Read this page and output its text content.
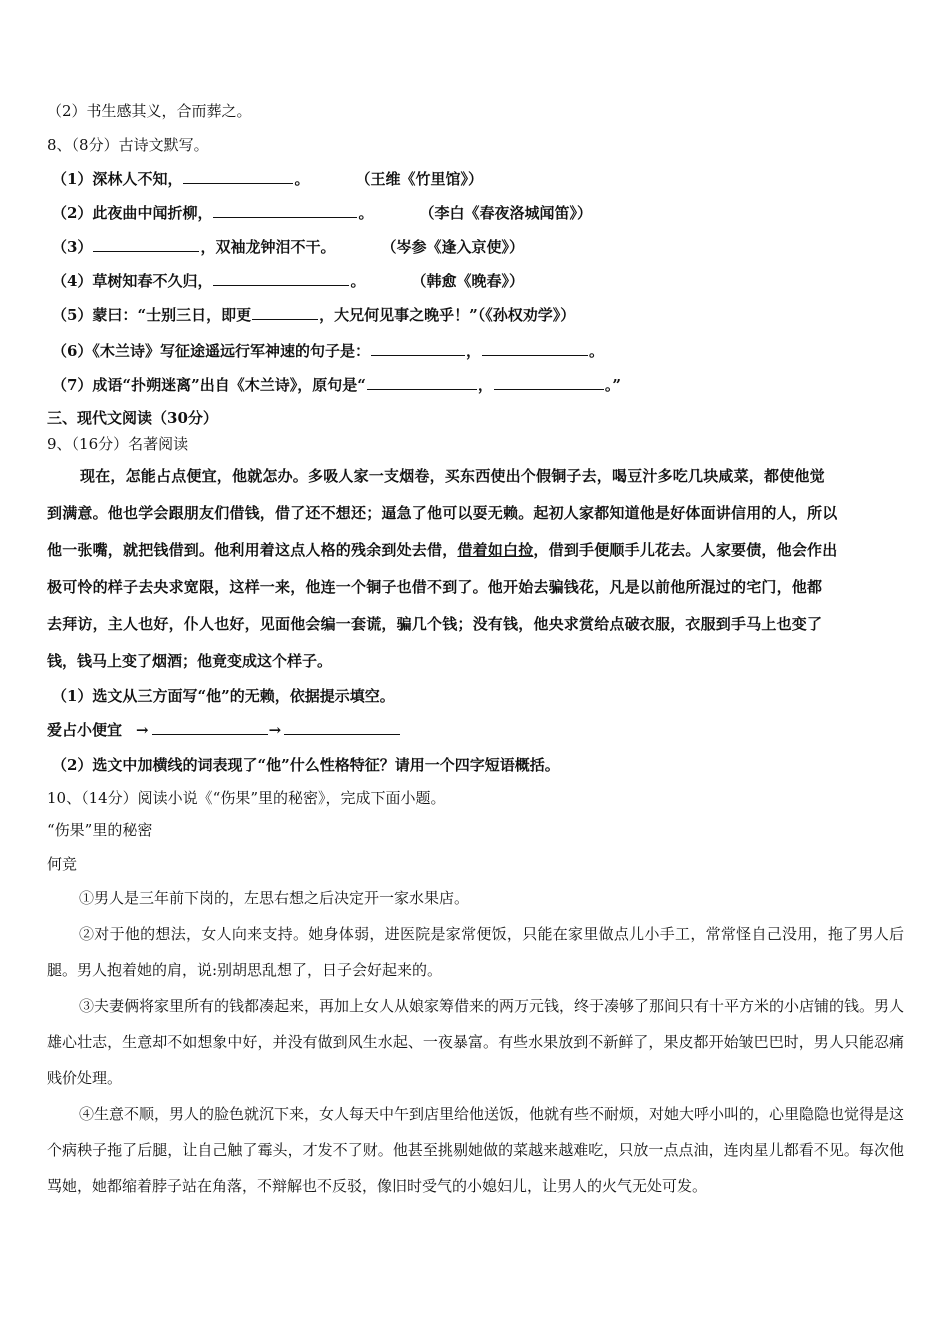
（2）书生感其义，合而葬之。
8、（8分）古诗文默写。
（1）深林人不知，	。	（王维《竹里馆》）
（2）此夜曲中闻折柳，	。	（李白《春夜洛城闻笛》）
（3）	，双袖龙钟泪不干。	（岑参《逢入京使》）
（4）草树知春不久归，	。	（韩愈《晚春》）
（5）蒙曰：“士别三日，即更	，大兄何见事之晚乎！”（《孙权劝学》）
（6）《木兰诗》写征途遥远行军神速的句子是：	，	。
（7）成语“扑朔迷离”出自《木兰诗》，原句是“	，	。”
三、现代文阅读（30分）
9、（16分）名著阅读
现在，怎能占点便宜，他就怎办。多吸人家一支烟卷，买东西使出个假铜子去，喝豆汁多吃几块咸菜，都使他觉
到满意。他也学会跟朋友们借钱，借了还不想还；逼急了他可以耍无赖。起初人家都知道他是好体面讲信用的人，所以
他一张嘴，就把钱借到。他利用着这点人格的残余到处去借，借着如白捡，借到手便顺手儿花去。人家要债，他会作出
极可怜的样子去央求宽限，这样一来，他连一个铜子也借不到了。他开始去骗钱花，凡是以前他所混过的宅门，他都
去拜访，主人也好，仆人也好，见面他会编一套谎，骗几个钱；没有钱，他央求赏给点破衣服，衣服到手马上也变了
钱，钱马上变了烟酒；他竟变成这个样子。
（1）选文从三方面写“他”的无赖，依据提示填空。
爱占小便宜 →	→
（2）选文中加横线的词表现了“他”什么性格特征？请用一个四字短语概括。
10、（14分）阅读小说《“伤果”里的秘密》，完成下面小题。
“伤果”里的秘密
何竞

①男人是三年前下岗的，左思右想之后决定开一家水果店。

②对于他的想法，女人向来支持。她身体弱，进医院是家常便饭，只能在家里做点儿小手工，常常怪自己没用，拖了男人后腿。男人抱着她的肩，说:别胡思乱想了，日子会好起来的。

③夫妻俩将家里所有的钱都凑起来，再加上女人从娘家筹借来的两万元钱，终于凑够了那间只有十平方米的小店铺的钱。男人雄心壮志，生意却不如想象中好，并没有做到风生水起、一夜暴富。有些水果放到不新鲜了，果皮都开始皱巴巴时，男人只能忍痛贱价处理。

④生意不顺，男人的脸色就沉下来，女人每天中午到店里给他送饭，他就有些不耐烦，对她大呼小叫的，心里隐隐也觉得是这个病秧子拖了后腿，让自己触了霉头，才发不了财。他甚至挑剔她做的菜越来越难吃，只放一点点油，连肉星儿都看不见。每次他骂她，她都缩着脖子站在角落，不辩解也不反驳，像旧时受气的小媳妇儿，让男人的火气无处可发。
